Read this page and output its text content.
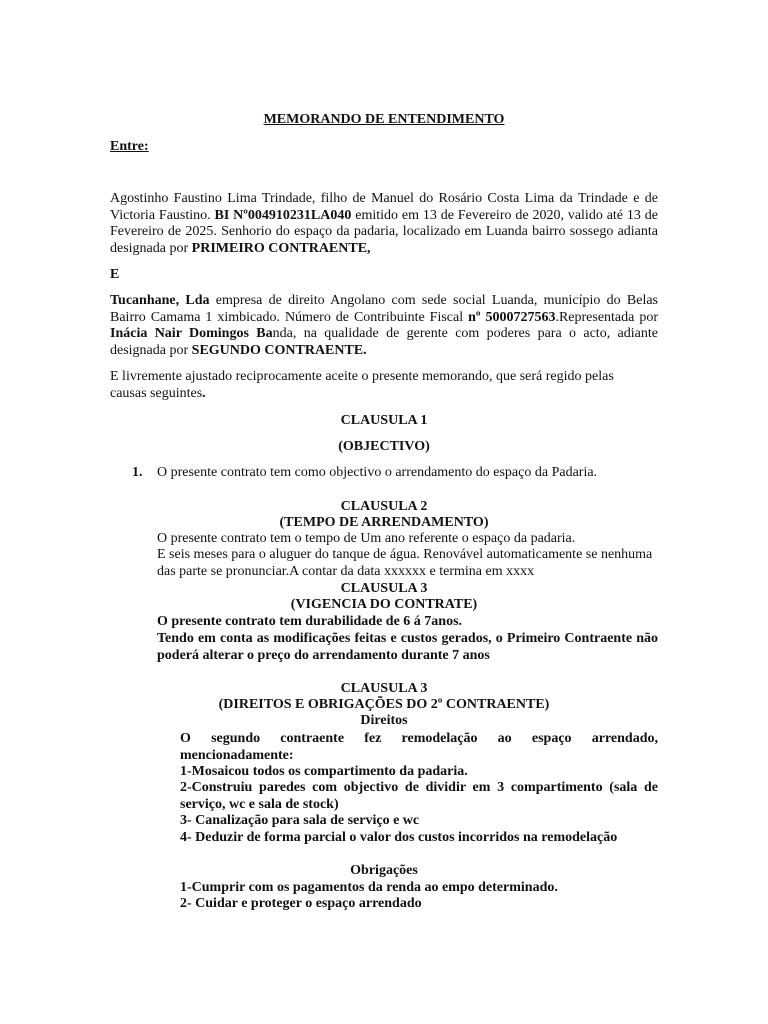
MEMORANDO DE ENTENDIMENTO

Entre:

Agostinho Faustino Lima Trindade, filho de Manuel do Rosário Costa Lima da Trindade e de Victoria Faustino. BI Nº004910231LA040 emitido em 13 de Fevereiro de 2020, valido até 13 de Fevereiro de 2025. Senhorio do espaço da padaria, localizado em Luanda bairro sossego adianta designada por PRIMEIRO CONTRAENTE,

E

Tucanhane, Lda empresa de direito Angolano com sede social Luanda, município do Belas Bairro Camama 1 ximbicado. Número de Contribuinte Fiscal nº 5000727563.Representada por Inácia Nair Domingos Banda, na qualidade de gerente com poderes para o acto, adiante designada por SEGUNDO CONTRAENTE.

E livremente ajustado reciprocamente aceite o presente memorando, que será regido pelas causas seguintes.

CLAUSULA 1

(OBJECTIVO)

1. O presente contrato tem como objectivo o arrendamento do espaço da Padaria.

CLAUSULA 2

(TEMPO DE ARRENDAMENTO)

O presente contrato tem o tempo de Um ano referente o espaço da padaria.

E seis meses para o aluguer do tanque de água. Renovável automaticamente se nenhuma das parte se pronunciar.A contar da data xxxxxx e termina em xxxx

CLAUSULA 3

(VIGENCIA DO CONTRATE)

O presente contrato tem durabilidade de 6 á 7anos.

Tendo em conta as modificações feitas e custos gerados, o Primeiro Contraente não poderá alterar o preço do arrendamento durante 7 anos

CLAUSULA 3

(DIREITOS E OBRIGAÇÕES DO 2º CONTRAENTE)

Direitos

O segundo contraente fez remodelação ao espaço arrendado, mencionadamente:

1-Mosaicou todos os compartimento da padaria.

2-Construiu paredes com objectivo de dividir em 3 compartimento (sala de serviço, wc e sala de stock)

3- Canalização para sala de serviço e wc

4- Deduzir de forma parcial o valor dos custos incorridos na remodelação

Obrigações

1-Cumprir com os pagamentos da renda ao empo determinado.

2- Cuidar e proteger o espaço arrendado
